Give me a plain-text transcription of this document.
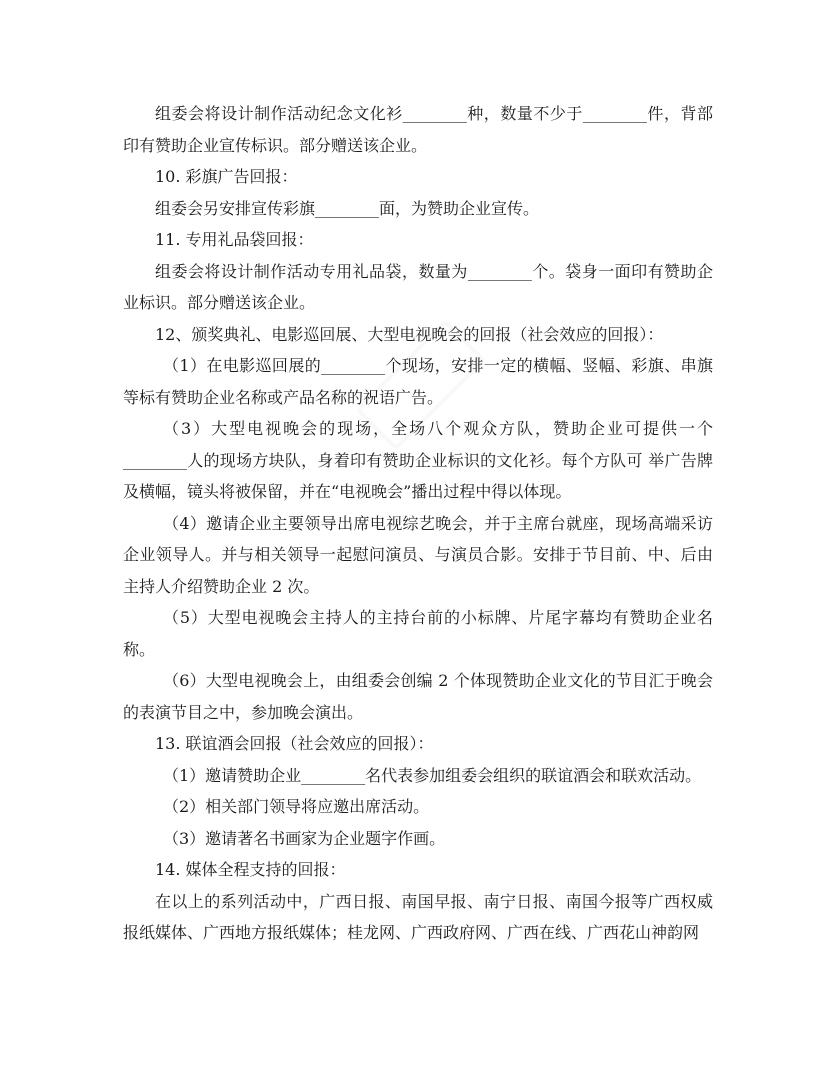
组委会将设计制作活动纪念文化衫________种，数量不少于________件，背部印有赞助企业宣传标识。部分赠送该企业。

10. 彩旗广告回报：

组委会另安排宣传彩旗________面，为赞助企业宣传。

11. 专用礼品袋回报：

组委会将设计制作活动专用礼品袋，数量为________个。袋身一面印有赞助企业标识。部分赠送该企业。

12、颁奖典礼、电影巡回展、大型电视晚会的回报（社会效应的回报）：

（1）在电影巡回展的________个现场，安排一定的横幅、竖幅、彩旗、串旗等标有赞助企业名称或产品名称的祝语广告。

（3）大型电视晚会的现场，全场八个观众方队，赞助企业可提供一个________人的现场方块队，身着印有赞助企业标识的文化衫。每个方队可 举广告牌及横幅，镜头将被保留，并在“电视晚会”播出过程中得以体现。

（4）邀请企业主要领导出席电视综艺晚会，并于主席台就座，现场高端采访企业领导人。并与相关领导一起慰问演员、与演员合影。安排于节目前、中、后由主持人介绍赞助企业 2 次。

（5）大型电视晚会主持人的主持台前的小标牌、片尾字幕均有赞助企业名称。

（6）大型电视晚会上，由组委会创编 2 个体现赞助企业文化的节目汇于晚会的表演节目之中，参加晚会演出。

13. 联谊酒会回报（社会效应的回报）：

（1）邀请赞助企业________名代表参加组委会组织的联谊酒会和联欢活动。

（2）相关部门领导将应邀出席活动。

（3）邀请著名书画家为企业题字作画。

14. 媒体全程支持的回报：

在以上的系列活动中，广西日报、南国早报、南宁日报、南国今报等广西权威报纸媒体、广西地方报纸媒体；桂龙网、广西政府网、广西在线、广西花山神韵网
